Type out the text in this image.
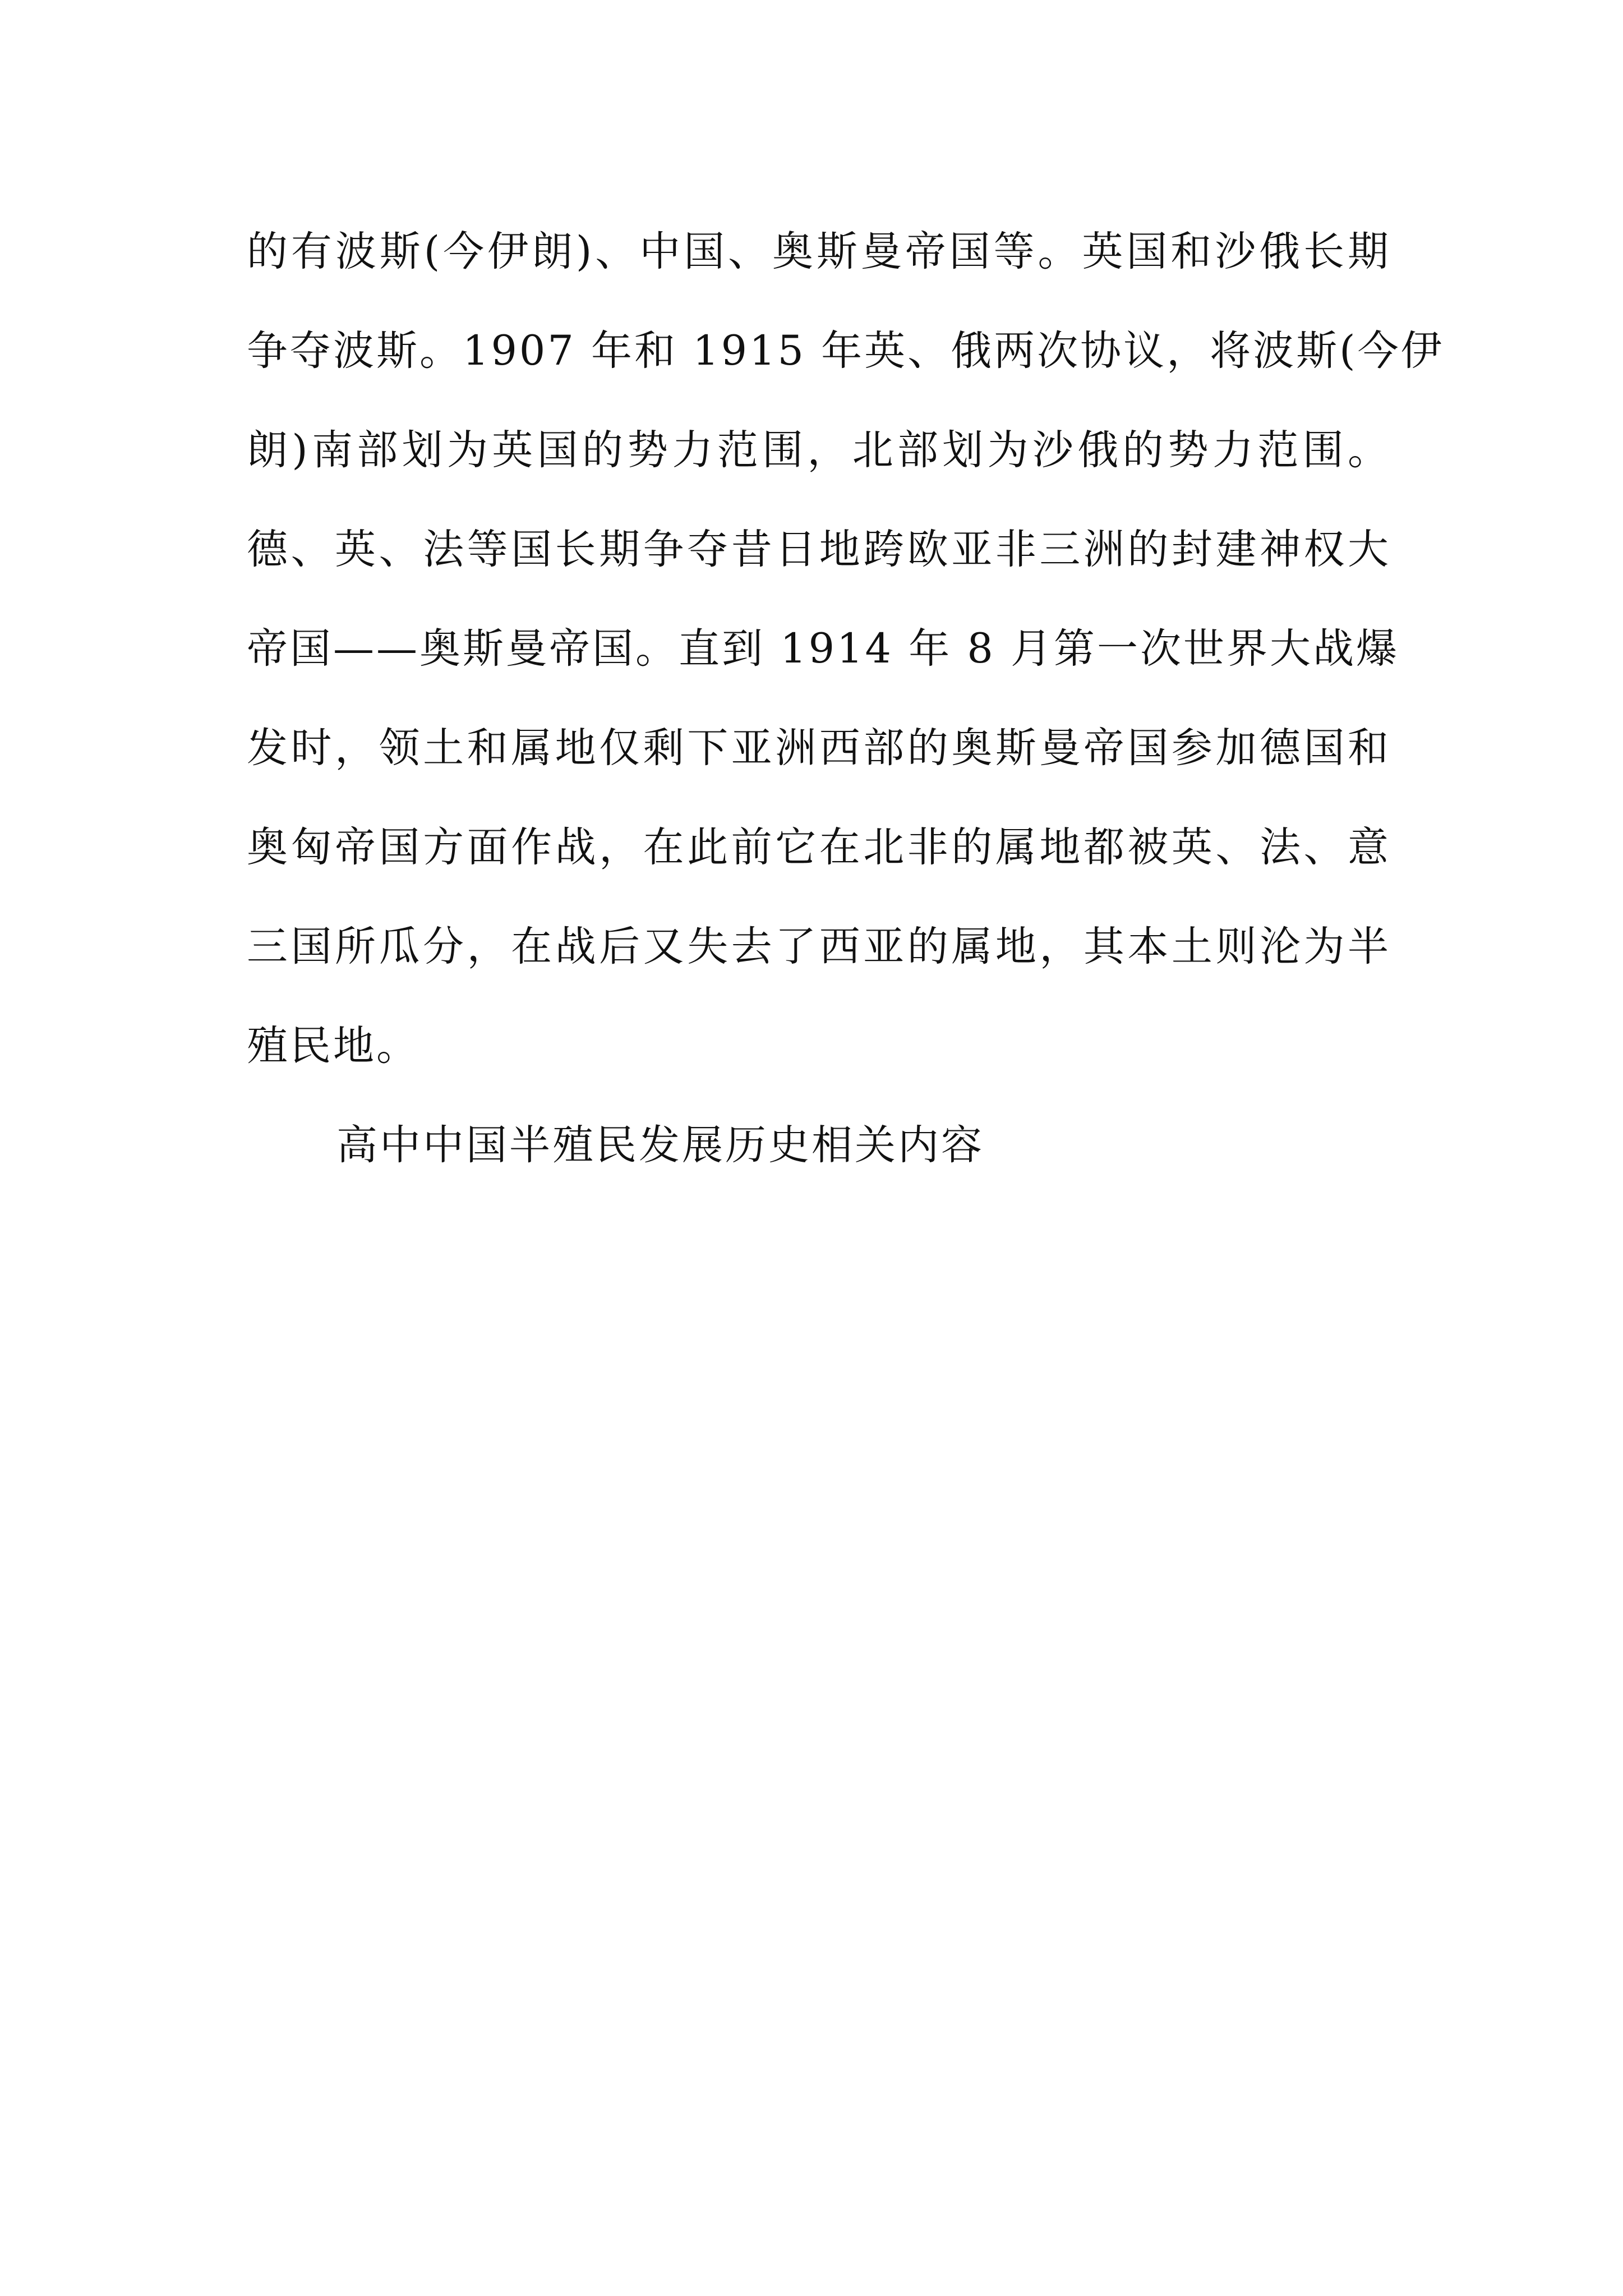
的有波斯(今伊朗)、中国、奥斯曼帝国等。英国和沙俄长期
争夺波斯。1907 年和 1915 年英、俄两次协议，将波斯(今伊
朗)南部划为英国的势力范围，北部划为沙俄的势力范围。
德、英、法等国长期争夺昔日地跨欧亚非三洲的封建神权大
帝国——奥斯曼帝国。直到 1914 年 8 月第一次世界大战爆
发时，领土和属地仅剩下亚洲西部的奥斯曼帝国参加德国和
奥匈帝国方面作战，在此前它在北非的属地都被英、法、意
三国所瓜分，在战后又失去了西亚的属地，其本土则沦为半
殖民地。
高中中国半殖民发展历史相关内容
